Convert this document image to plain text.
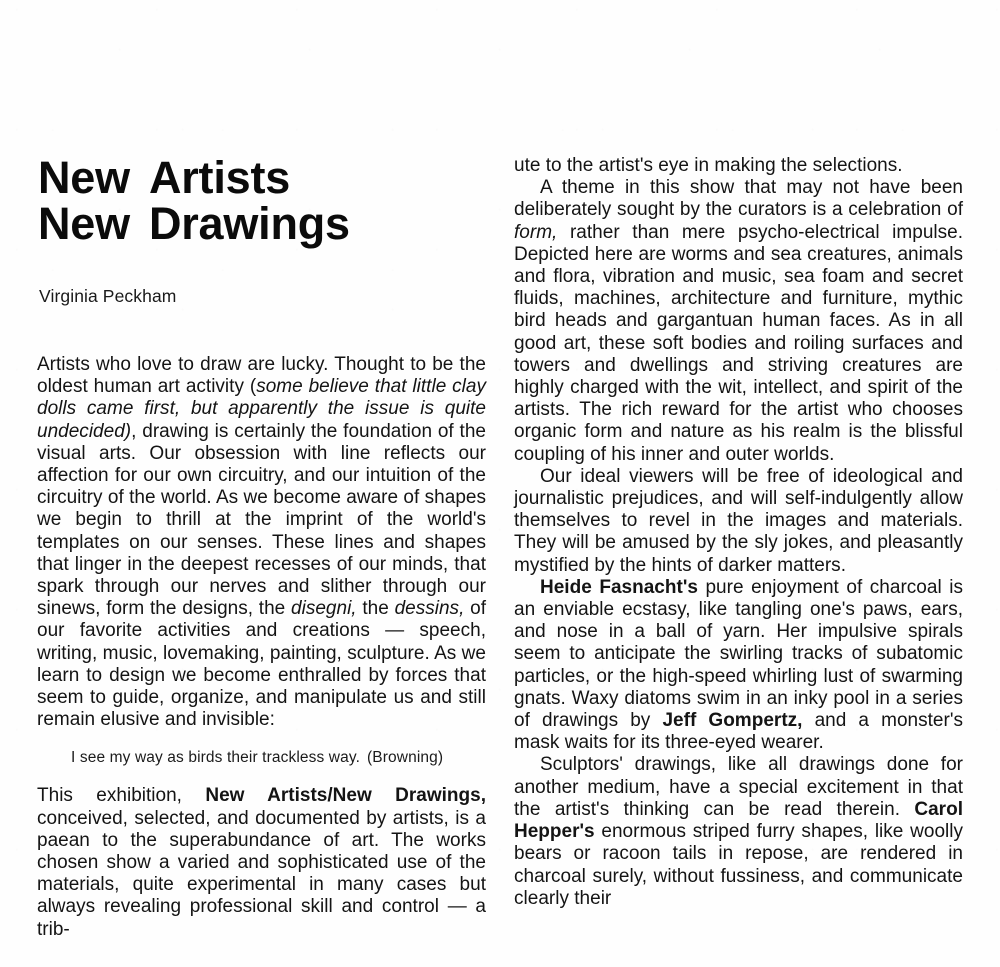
New Artists
New Drawings
Virginia Peckham

Artists who love to draw are lucky. Thought to be the oldest human art activity (some believe that little clay dolls came first, but apparently the issue is quite undecided), drawing is certainly the foundation of the visual arts. Our obsession with line reflects our affection for our own circuitry, and our intuition of the circuitry of the world. As we become aware of shapes we begin to thrill at the imprint of the world's templates on our senses. These lines and shapes that linger in the deepest recesses of our minds, that spark through our nerves and slither through our sinews, form the designs, the disegni, the dessins, of our favorite activities and creations — speech, writing, music, lovemaking, painting, sculpture. As we learn to design we become enthralled by forces that seem to guide, organize, and manipulate us and still remain elusive and invisible:

I see my way as birds their trackless way. (Browning)

This exhibition, New Artists/New Drawings, conceived, selected, and documented by artists, is a paean to the superabundance of art. The works chosen show a varied and sophisticated use of the materials, quite experimental in many cases but always revealing professional skill and control — a trib-

ute to the artist's eye in making the selections.

A theme in this show that may not have been deliberately sought by the curators is a celebration of form, rather than mere psycho-electrical impulse. Depicted here are worms and sea creatures, animals and flora, vibration and music, sea foam and secret fluids, machines, architecture and furniture, mythic bird heads and gargantuan human faces. As in all good art, these soft bodies and roiling surfaces and towers and dwellings and striving creatures are highly charged with the wit, intellect, and spirit of the artists. The rich reward for the artist who chooses organic form and nature as his realm is the blissful coupling of his inner and outer worlds.

Our ideal viewers will be free of ideological and journalistic prejudices, and will self-indulgently allow themselves to revel in the images and materials. They will be amused by the sly jokes, and pleasantly mystified by the hints of darker matters.

Heide Fasnacht's pure enjoyment of charcoal is an enviable ecstasy, like tangling one's paws, ears, and nose in a ball of yarn. Her impulsive spirals seem to anticipate the swirling tracks of subatomic particles, or the high-speed whirling lust of swarming gnats. Waxy diatoms swim in an inky pool in a series of drawings by Jeff Gompertz, and a monster's mask waits for its three-eyed wearer.

Sculptors' drawings, like all drawings done for another medium, have a special excitement in that the artist's thinking can be read therein. Carol Hepper's enormous striped furry shapes, like woolly bears or racoon tails in repose, are rendered in charcoal surely, without fussiness, and communicate clearly their
